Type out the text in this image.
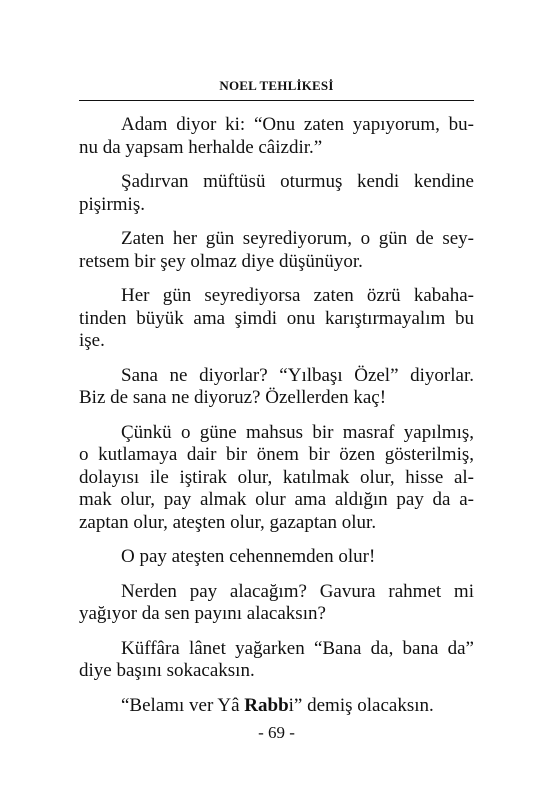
NOEL TEHLİKESİ

Adam diyor ki: “Onu zaten yapıyorum, bu-
nu da yapsam herhalde câizdir.”

Şadırvan müftüsü oturmuş kendi kendine
pişirmiş.

Zaten her gün seyrediyorum, o gün de sey-
retsem bir şey olmaz diye düşünüyor.

Her gün seyrediyorsa zaten özrü kabaha-
tinden büyük ama şimdi onu karıştırmayalım bu
işe.

Sana ne diyorlar? “Yılbaşı Özel” diyorlar.
Biz de sana ne diyoruz? Özellerden kaç!

Çünkü o güne mahsus bir masraf yapılmış,
o kutlamaya dair bir önem bir özen gösterilmiş,
dolayısı ile iştirak olur, katılmak olur, hisse al-
mak olur, pay almak olur ama aldığın pay da a-
zaptan olur, ateşten olur, gazaptan olur.

O pay ateşten cehennemden olur!

Nerden pay alacağım? Gavura rahmet mi
yağıyor da sen payını alacaksın?

Küffâra lânet yağarken “Bana da, bana da”
diye başını sokacaksın.

“Belamı ver Yâ Rabbi” demiş olacaksın.

- 69 -
